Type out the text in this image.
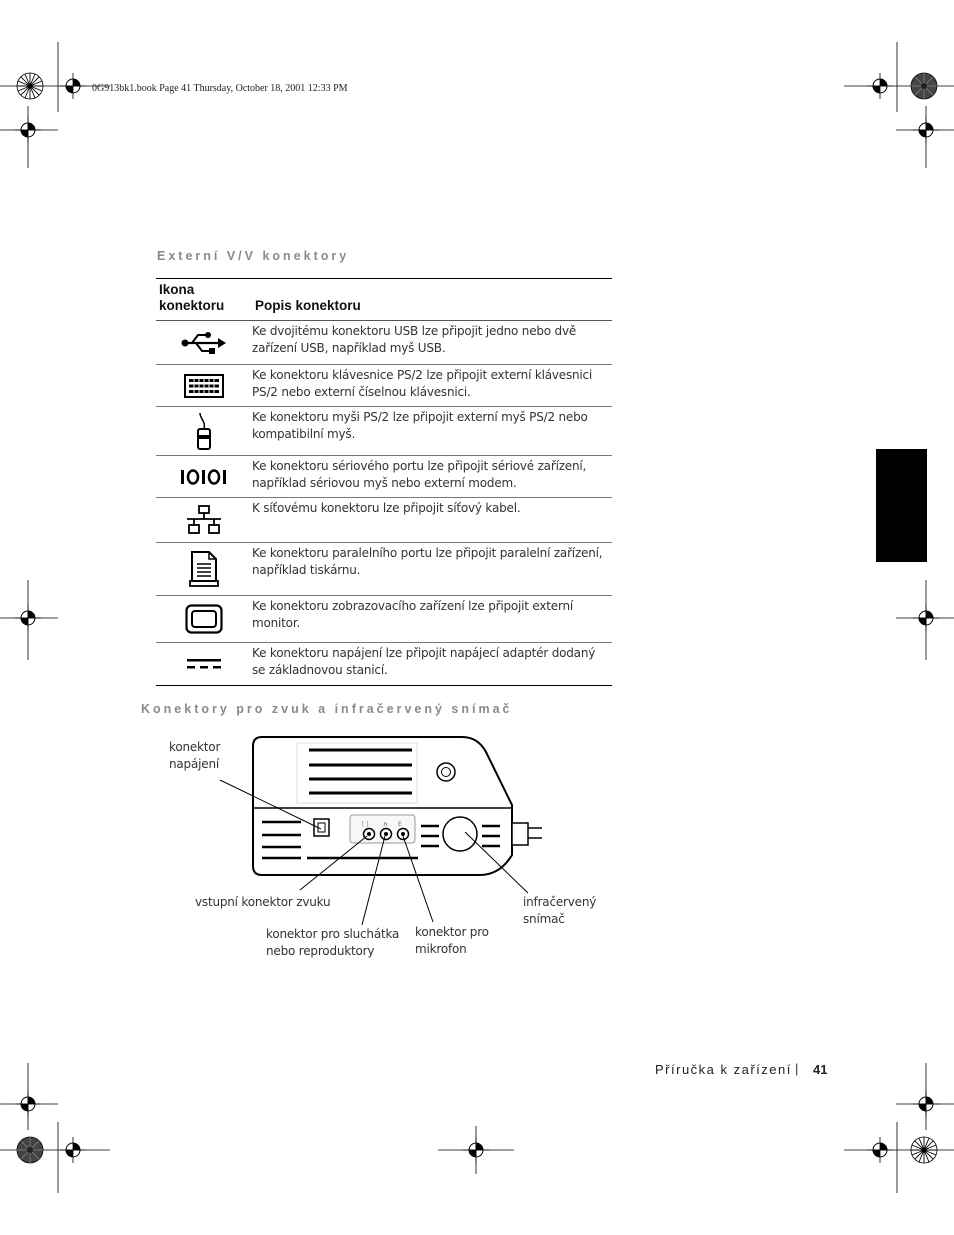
0G913bk1.book Page 41 Thursday, October 18, 2001 12:33 PM
Externí V/V konektory
Ikona konektoru	Popis konektoru

	Ke dvojitému konektoru USB lze připojit jedno nebo dvě zařízení USB, například myš USB.

	Ke konektoru klávesnice PS/2 lze připojit externí klávesnici PS/2 nebo externí číselnou klávesnici.

	Ke konektoru myši PS/2 lze připojit externí myš PS/2 nebo kompatibilní myš.

	Ke konektoru sériového portu lze připojit sériové zařízení, například sériovou myš nebo externí modem.

	K síťovému konektoru lze připojit síťový kabel.

	Ke konektoru paralelního portu lze připojit paralelní zařízení, například tiskárnu.

	Ke konektoru zobrazovacího zařízení lze připojit externí monitor.

	Ke konektoru napájení lze připojit napájecí adaptér dodaný se základnovou stanicí.
Konektory pro zvuk a infračervený snímač
[ ] ∩ E
konektor
napájení
vstupní konektor zvuku
konektor pro sluchátka
nebo reproduktory
konektor pro
mikrofon
infračervený
snímač
Příručka k zařízení | 41
